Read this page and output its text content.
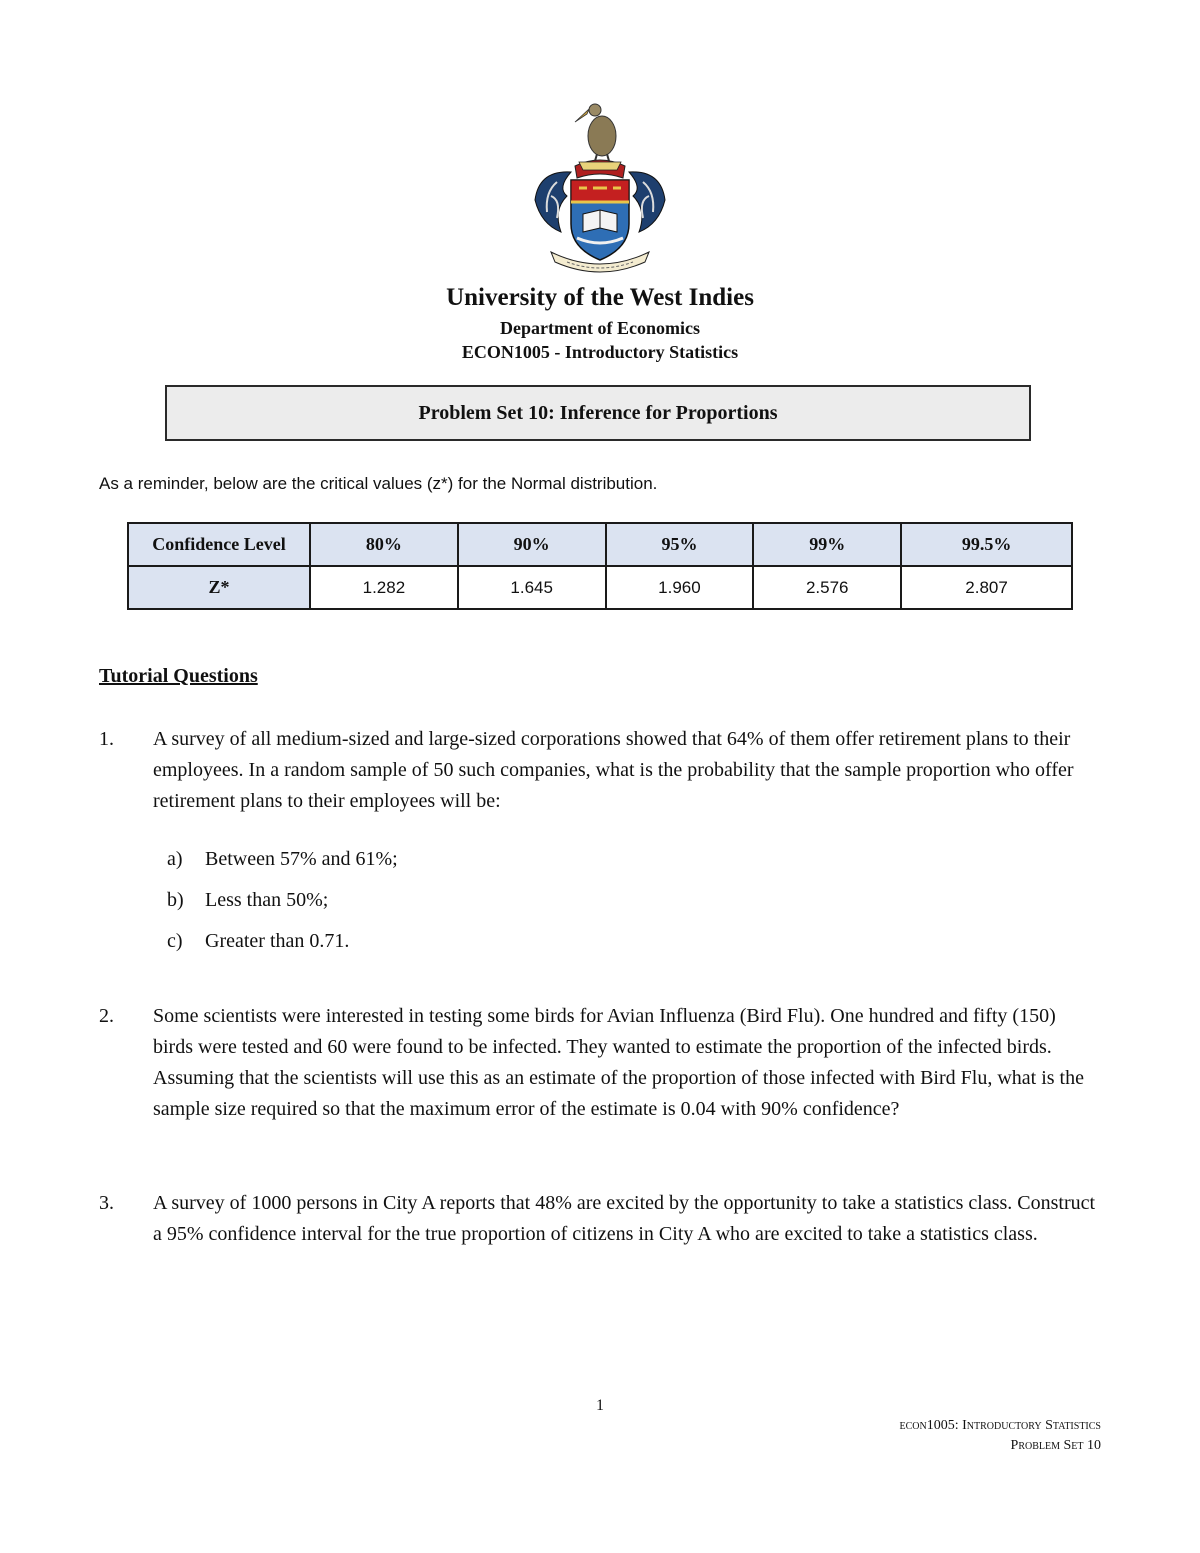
University of the West Indies
Department of Economics
ECON1005 - Introductory Statistics
Problem Set 10: Inference for Proportions
As a reminder, below are the critical values (z*) for the Normal distribution.
Confidence Level	80%	90%	95%	99%	99.5%
Z*	1.282	1.645	1.960	2.576	2.807
Tutorial Questions
1. A survey of all medium-sized and large-sized corporations showed that 64% of them offer retirement plans to their employees. In a random sample of 50 such companies, what is the probability that the sample proportion who offer retirement plans to their employees will be:
a) Between 57% and 61%;
b) Less than 50%;
c) Greater than 0.71.
2. Some scientists were interested in testing some birds for Avian Influenza (Bird Flu). One hundred and fifty (150) birds were tested and 60 were found to be infected. They wanted to estimate the proportion of the infected birds. Assuming that the scientists will use this as an estimate of the proportion of those infected with Bird Flu, what is the sample size required so that the maximum error of the estimate is 0.04 with 90% confidence?
3. A survey of 1000 persons in City A reports that 48% are excited by the opportunity to take a statistics class. Construct a 95% confidence interval for the true proportion of citizens in City A who are excited to take a statistics class.
1
econ1005: Introductory Statistics
Problem Set 10
